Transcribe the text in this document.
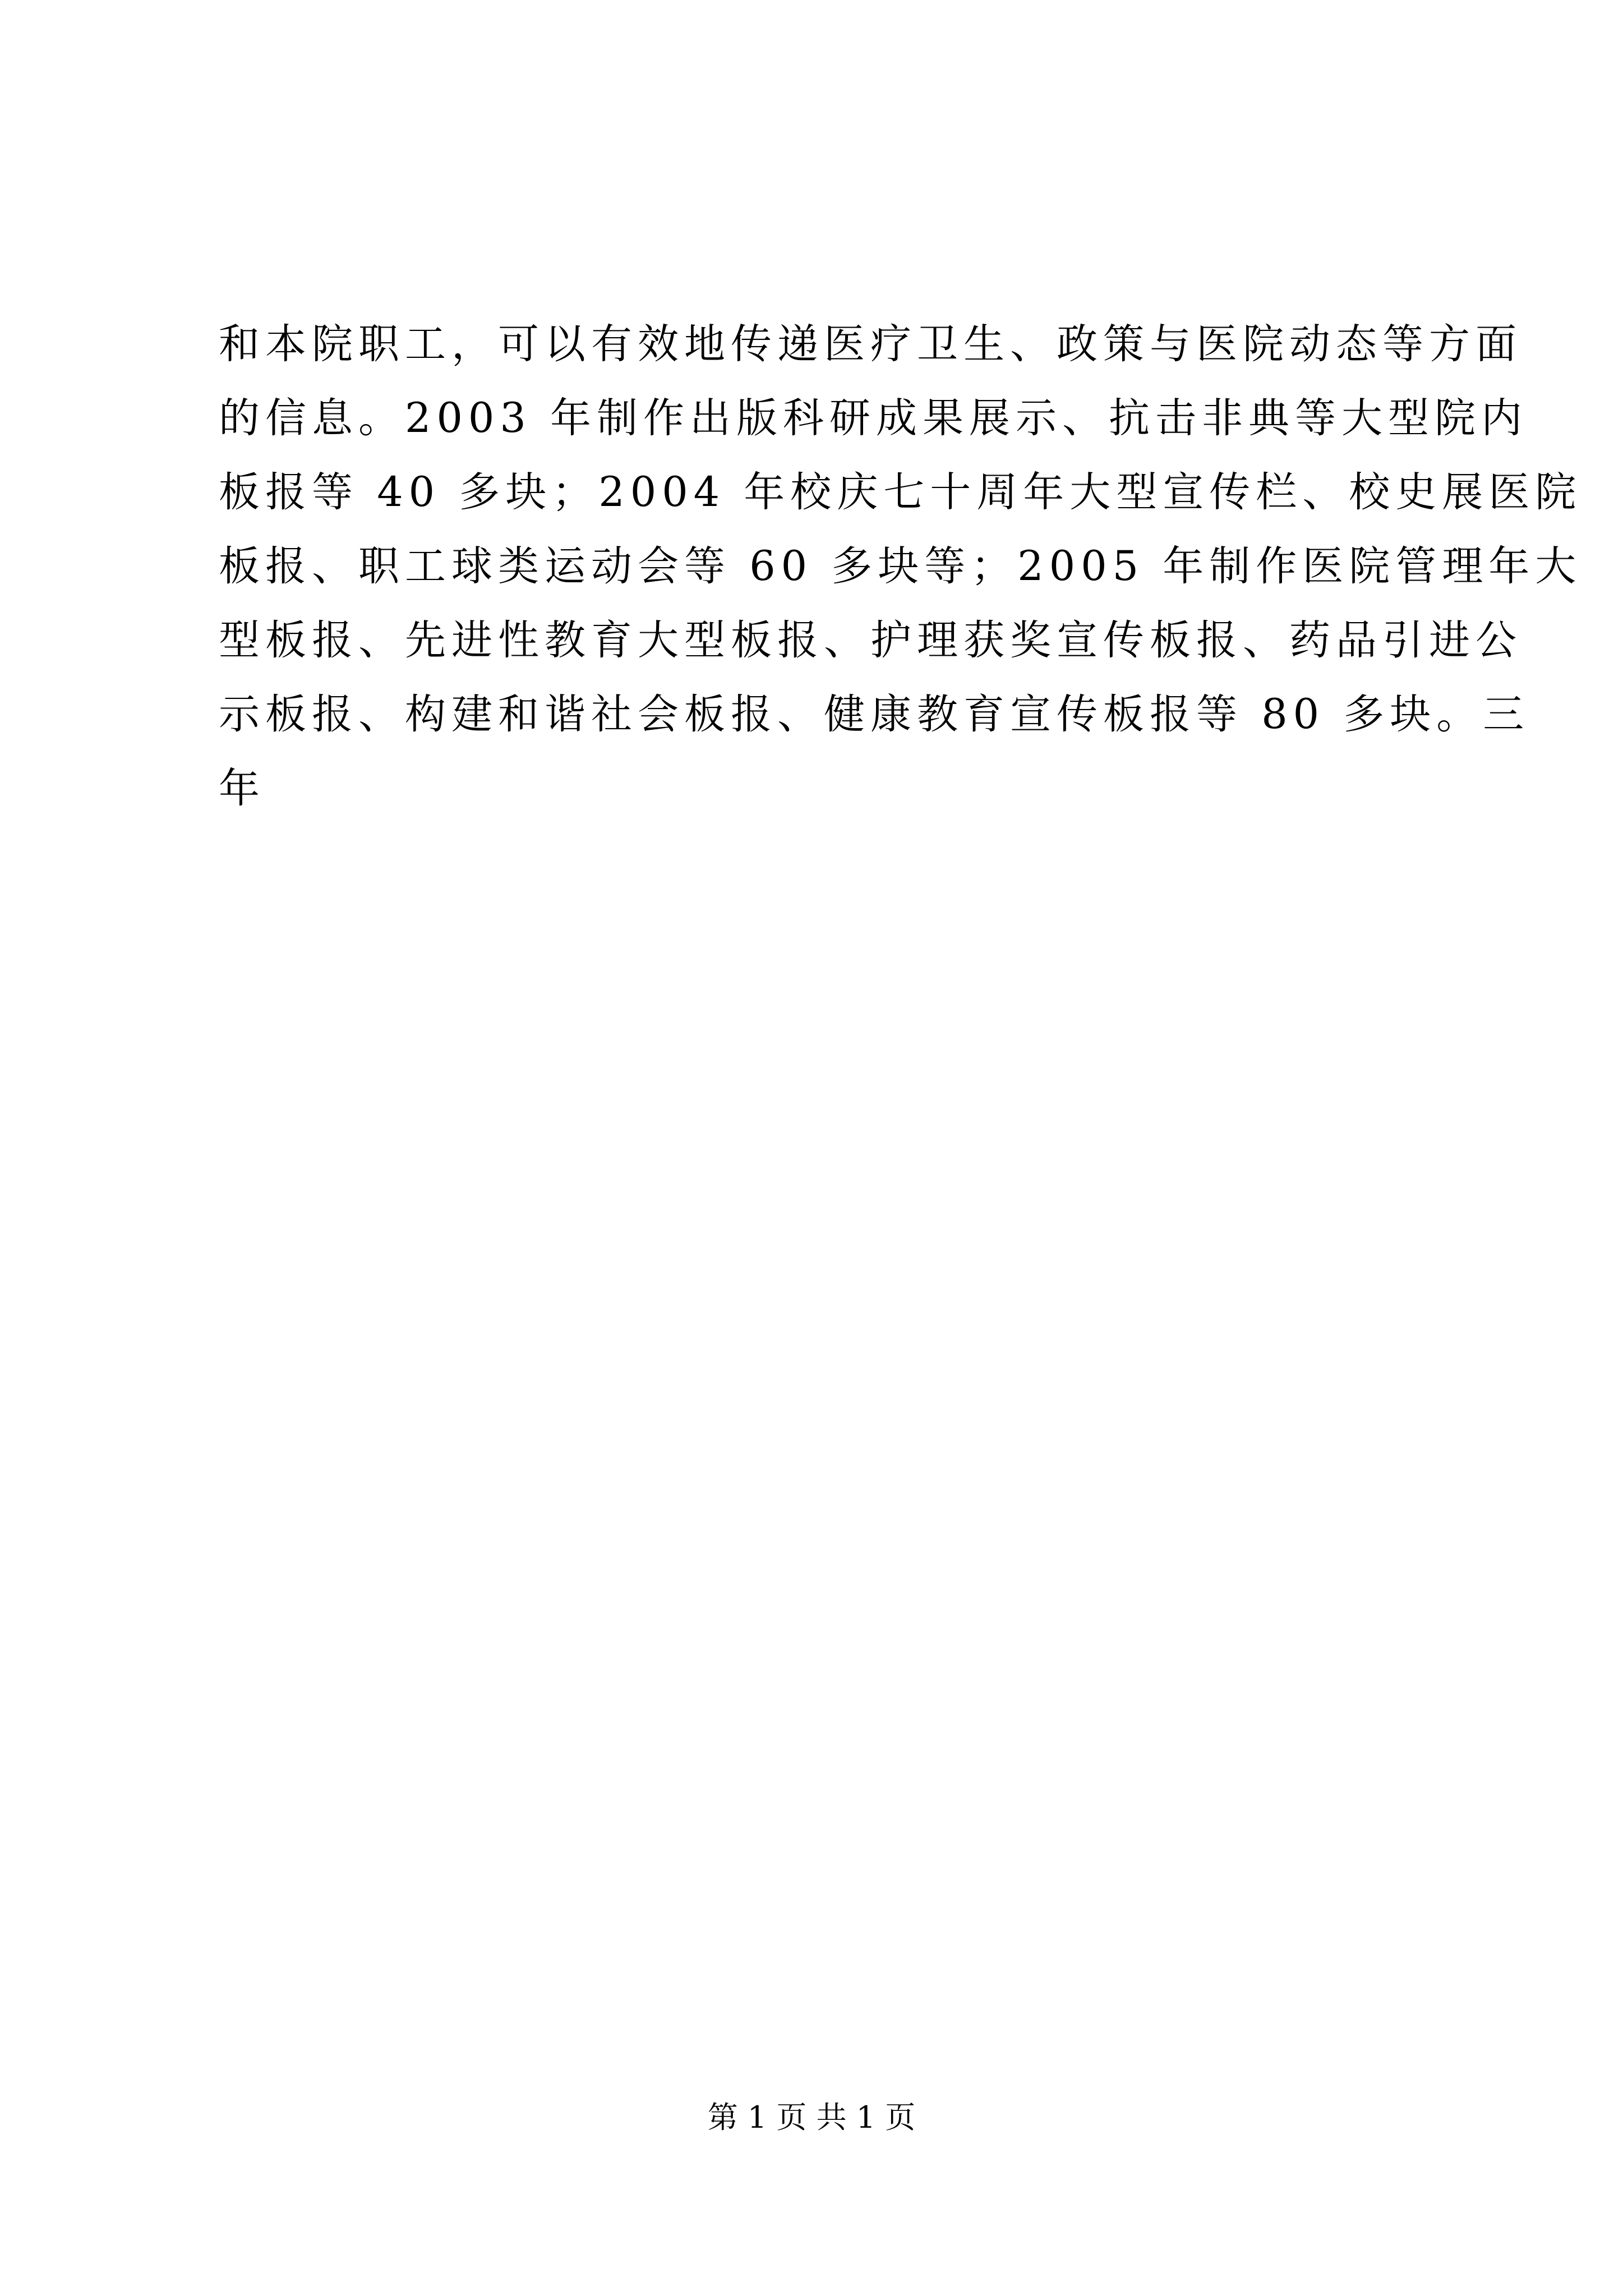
和本院职工，可以有效地传递医疗卫生、政策与医院动态等方面
的信息。2003 年制作出版科研成果展示、抗击非典等大型院内
板报等 40 多块；2004 年校庆七十周年大型宣传栏、校史展医院
板报、职工球类运动会等 60 多块等；2005 年制作医院管理年大
型板报、先进性教育大型板报、护理获奖宣传板报、药品引进公
示板报、构建和谐社会板报、健康教育宣传板报等 80 多块。三
年
第 1 页 共 1 页
